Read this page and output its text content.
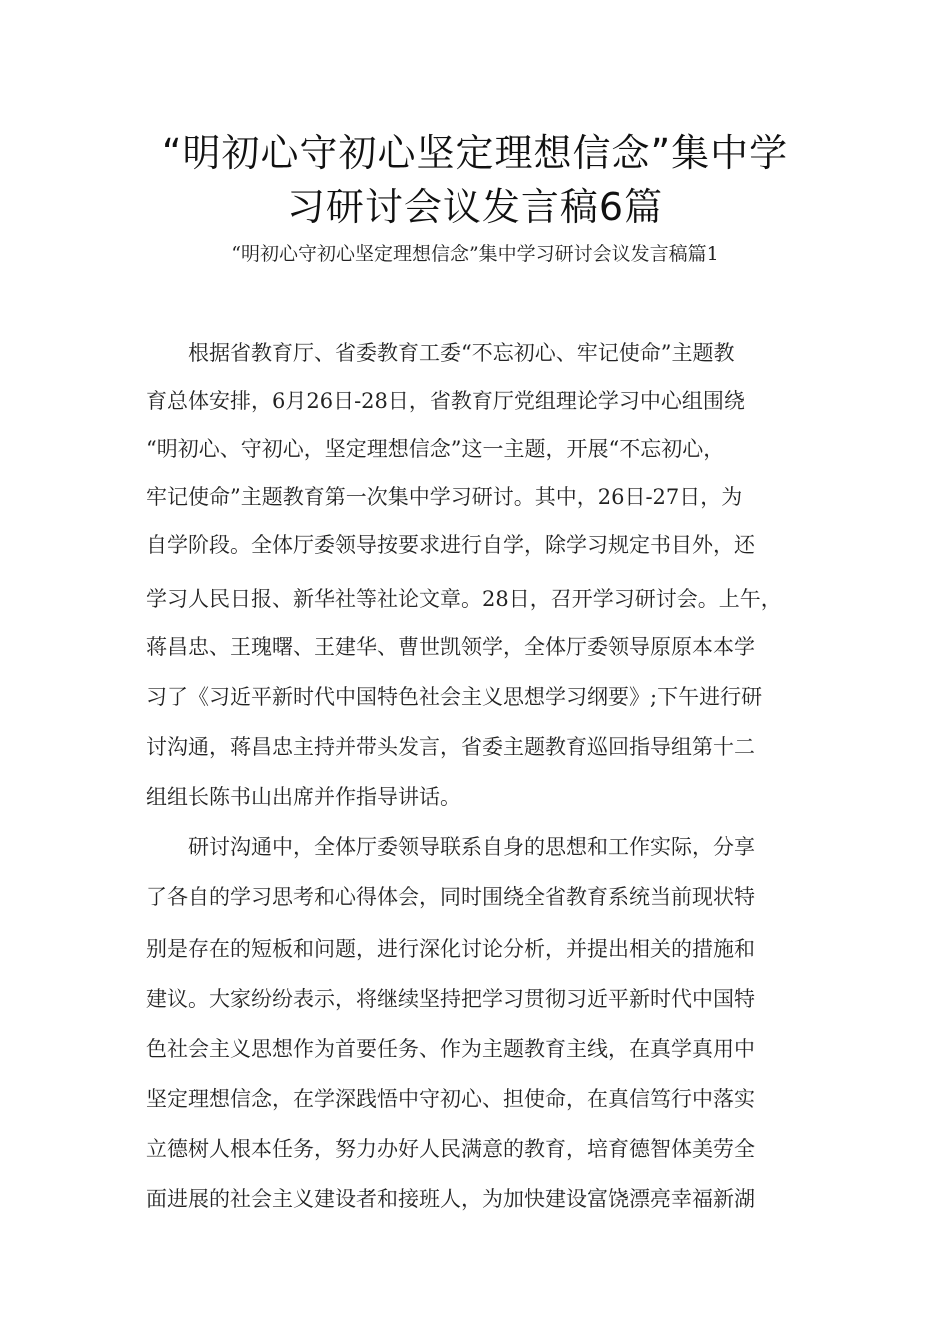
“明初心守初心坚定理想信念”集中学
习研讨会议发言稿6篇

“明初心守初心坚定理想信念”集中学习研讨会议发言稿篇1

　　根据省教育厅、省委教育工委“不忘初心、牢记使命”主题教

育总体安排，6月26日-28日，省教育厅党组理论学习中心组围绕

“明初心、守初心，坚定理想信念”这一主题，开展“不忘初心，

牢记使命”主题教育第一次集中学习研讨。其中，26日-27日，为

自学阶段。全体厅委领导按要求进行自学，除学习规定书目外，还

学习人民日报、新华社等社论文章。28日，召开学习研讨会。上午，

蒋昌忠、王瑰曙、王建华、曹世凯领学，全体厅委领导原原本本学

习了《习近平新时代中国特色社会主义思想学习纲要》;下午进行研

讨沟通，蒋昌忠主持并带头发言，省委主题教育巡回指导组第十二

组组长陈书山出席并作指导讲话。

　　研讨沟通中，全体厅委领导联系自身的思想和工作实际，分享

了各自的学习思考和心得体会，同时围绕全省教育系统当前现状特

别是存在的短板和问题，进行深化讨论分析，并提出相关的措施和

建议。大家纷纷表示，将继续坚持把学习贯彻习近平新时代中国特

色社会主义思想作为首要任务、作为主题教育主线，在真学真用中

坚定理想信念，在学深践悟中守初心、担使命，在真信笃行中落实

立德树人根本任务，努力办好人民满意的教育，培育德智体美劳全

面进展的社会主义建设者和接班人，为加快建设富饶漂亮幸福新湖
